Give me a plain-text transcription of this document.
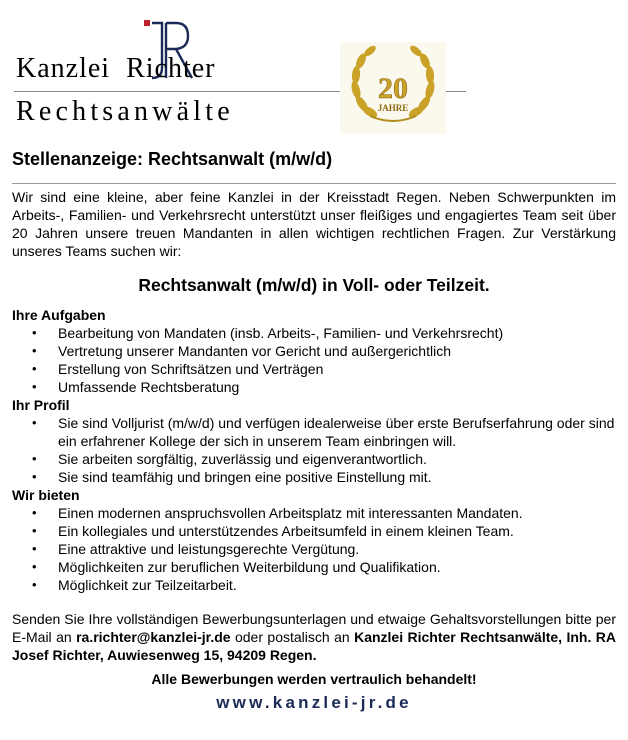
Kanzlei  Richter
Rechtsanwälte
20
JAHRE
Stellenanzeige: Rechtsanwalt (m/w/d)

Wir sind eine kleine, aber feine Kanzlei in der Kreisstadt Regen. Neben Schwerpunkten im Arbeits-, Familien- und Verkehrsrecht unterstützt unser fleißiges und engagiertes Team seit über 20 Jahren unsere treuen Mandanten in allen wichtigen rechtlichen Fragen. Zur Verstärkung unseres Teams suchen wir:

Rechtsanwalt (m/w/d) in Voll- oder Teilzeit.
Ihre Aufgaben
• Bearbeitung von Mandaten (insb. Arbeits-, Familien- und Verkehrsrecht)
• Vertretung unserer Mandanten vor Gericht und außergerichtlich
• Erstellung von Schriftsätzen und Verträgen
• Umfassende Rechtsberatung
Ihr Profil
• Sie sind Volljurist (m/w/d) und verfügen idealerweise über erste Berufserfahrung oder sind ein erfahrener Kollege der sich in unserem Team einbringen will.
• Sie arbeiten sorgfältig, zuverlässig und eigenverantwortlich.
• Sie sind teamfähig und bringen eine positive Einstellung mit.
Wir bieten
• Einen modernen anspruchsvollen Arbeitsplatz mit interessanten Mandaten.
• Ein kollegiales und unterstützendes Arbeitsumfeld in einem kleinen Team.
• Eine attraktive und leistungsgerechte Vergütung.
• Möglichkeiten zur beruflichen Weiterbildung und Qualifikation.
• Möglichkeit zur Teilzeitarbeit.

Senden Sie Ihre vollständigen Bewerbungsunterlagen und etwaige Gehaltsvorstellungen bitte per E-Mail an ra.richter@kanzlei-jr.de oder postalisch an Kanzlei Richter Rechtsanwälte, Inh. RA Josef Richter, Auwiesenweg 15, 94209 Regen.

Alle Bewerbungen werden vertraulich behandelt!
www.kanzlei-jr.de
